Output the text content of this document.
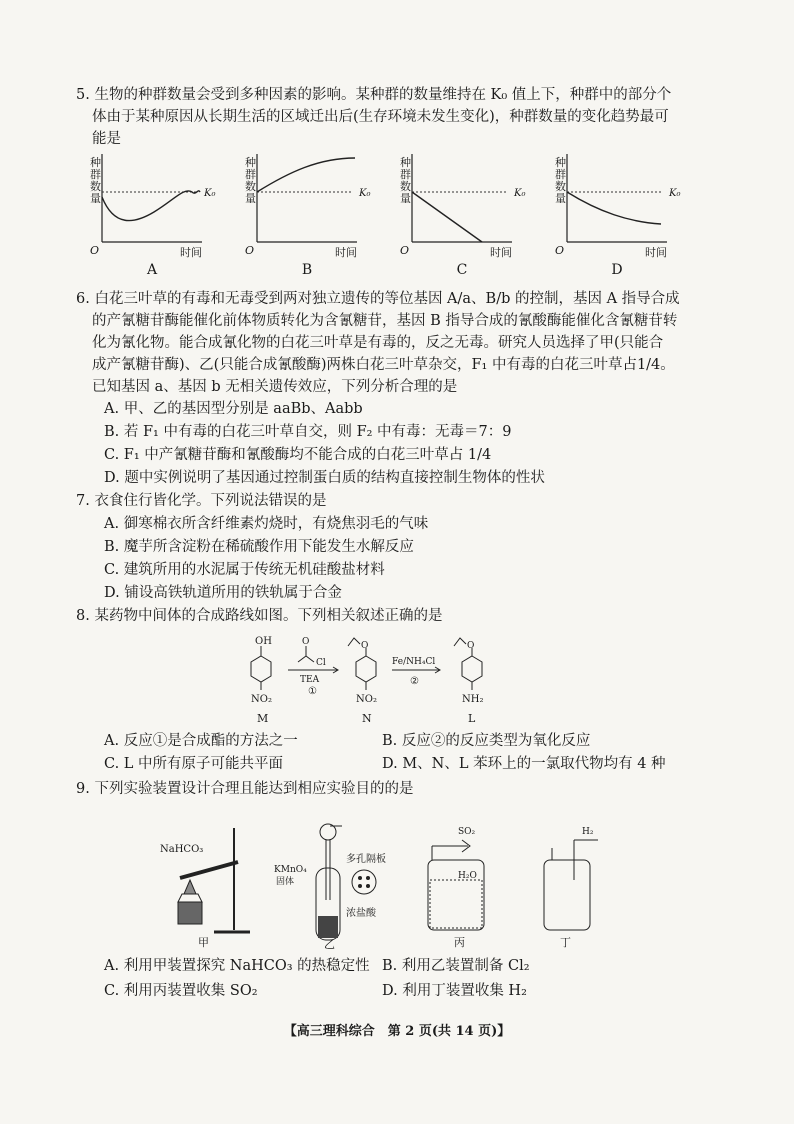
5. 生物的种群数量会受到多种因素的影响。某种群的数量维持在 K₀ 值上下，种群中的部分个
体由于某种原因从长期生活的区域迁出后(生存环境未发生变化)，种群数量的变化趋势最可
能是
种
群
数
量	K₀
O	时间
A
种
群
数
量	K₀
O	时间
B
种
群
数
量	K₀
O	时间
C
种
群
数
量	K₀
O	时间
D
6. 白花三叶草的有毒和无毒受到两对独立遗传的等位基因 A/a、B/b 的控制，基因 A 指导合成
的产氰糖苷酶能催化前体物质转化为含氰糖苷，基因 B 指导合成的氰酸酶能催化含氰糖苷转
化为氰化物。能合成氰化物的白花三叶草是有毒的，反之无毒。研究人员选择了甲(只能合
成产氰糖苷酶)、乙(只能合成氰酸酶)两株白花三叶草杂交，F₁ 中有毒的白花三叶草占1/4。
已知基因 a、基因 b 无相关遗传效应，下列分析合理的是
A. 甲、乙的基因型分别是 aaBb、Aabb
B. 若 F₁ 中有毒的白花三叶草自交，则 F₂ 中有毒：无毒＝7：9
C. F₁ 中产氰糖苷酶和氰酸酶均不能合成的白花三叶草占 1/4
D. 题中实例说明了基因通过控制蛋白质的结构直接控制生物体的性状
7. 衣食住行皆化学。下列说法错误的是
A. 御寒棉衣所含纤维素灼烧时，有烧焦羽毛的气味
B. 魔芋所含淀粉在稀硫酸作用下能发生水解反应
C. 建筑所用的水泥属于传统无机硅酸盐材料
D. 铺设高铁轨道所用的铁轨属于合金
8. 某药物中间体的合成路线如图。下列相关叙述正确的是
OH
NO₂
M
O
Cl
TEA
①
O
NO₂
N
Fe/NH₄Cl
②
O
NH₂
L
A. 反应①是合成酯的方法之一	B. 反应②的反应类型为氧化反应
C. L 中所有原子可能共平面	D. M、N、L 苯环上的一氯取代物均有 4 种
9. 下列实验装置设计合理且能达到相应实验目的的是
NaHCO₃
甲
KMnO₄
固体
多孔隔板
浓盐酸
乙
SO₂
H₂O
丙
H₂
丁
A. 利用甲装置探究 NaHCO₃ 的热稳定性 B. 利用乙装置制备 Cl₂
C. 利用丙装置收集 SO₂	D. 利用丁装置收集 H₂
【高三理科综合　第 2 页(共 14 页)】
